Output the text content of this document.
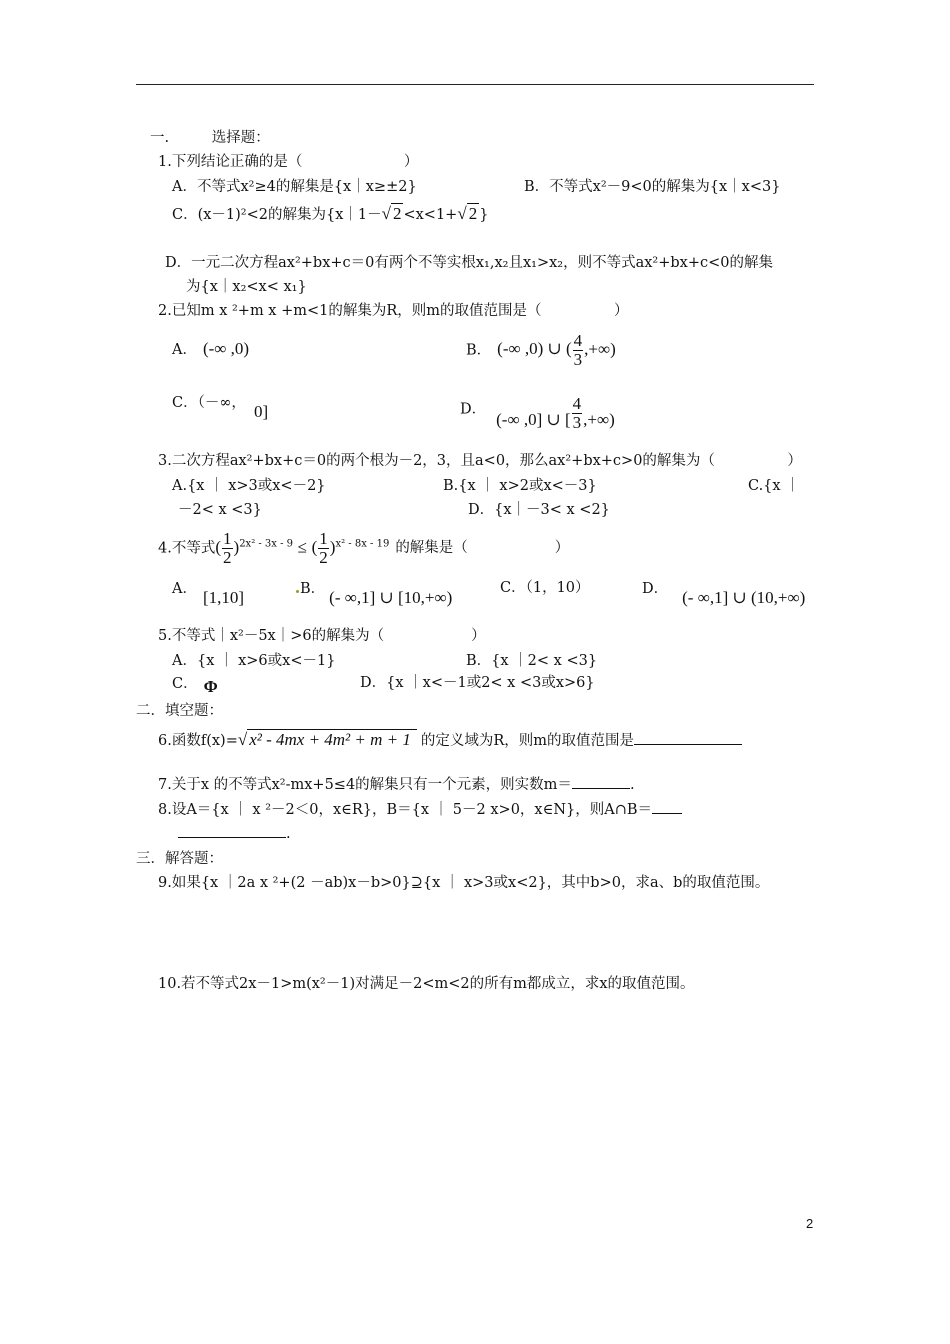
一.	选择题：
1.下列结论正确的是（　　　　　　　）
A．不等式x²≥4的解集是{x｜x≥±2}	B．不等式x²－9<0的解集为{x｜x<3}
C．(x－1)²<2的解集为{x｜1－√ 2 <x<1+√ 2 }
D．一元二次方程ax²+bx+c＝0有两个不等实根x₁,x₂且x₁>x₂，则不等式ax²+bx+c<0的解集
为{x｜x₂<x< x₁}
2.已知m x ²+m x +m<1的解集为R，则m的取值范围是（　　　　　）
A． (-∞ ,0)	B． (-∞ ,0) ∪ ( $\frac{4}{3}$ ,+∞)
C．（－∞， 0]	D．(-∞ ,0] ∪ [ $\frac{4}{3}$ ,+∞)
3.二次方程ax²+bx+c＝0的两个根为－2，3，且a<0，那么ax²+bx+c>0的解集为（　　　　　）
A.{x ｜ x>3或x<－2}	B.{x ｜ x>2或x<－3}	C.{x ｜
－2< x <3}	D．{x｜－3< x <2}
4.不等式( $\frac{1}{2} )^{2x^2 - 3x - 9}$ ≤ ( $\frac{1}{2} )^{x^2 - 8x - 19}$ 的解集是（　　　　　　）
A． [1,10]	B． (- ∞,1] ∪ [10,+∞)	C．（1，10）	D． (- ∞,1] ∪ (10,+∞)
5.不等式｜x²－5x｜>6的解集为（　　　　　　）
A．{x ｜ x>6或x<－1}	B．{x ｜2< x <3}
C． Φ	D．{x ｜x<－1或2< x <3或x>6}
二．填空题：
6.函数f(x)=√ x² - 4mx + 4m² + m + 1 的定义域为R，则m的取值范围是
7.关于x 的不等式x²-mx+5≤4的解集只有一个元素，则实数m＝	.
8.设A＝{x ｜ x ²－2＜0，x∈R}，B＝{x ｜ 5－2 x>0，x∈N}，则A∩B＝
.
三．解答题：
9.如果{x ｜2a x ²+(2 －ab)x－b>0}⊇{x ｜ x>3或x<2}，其中b>0，求a、b的取值范围。
10.若不等式2x－1>m(x²－1)对满足－2<m<2的所有m都成立，求x的取值范围。
2
